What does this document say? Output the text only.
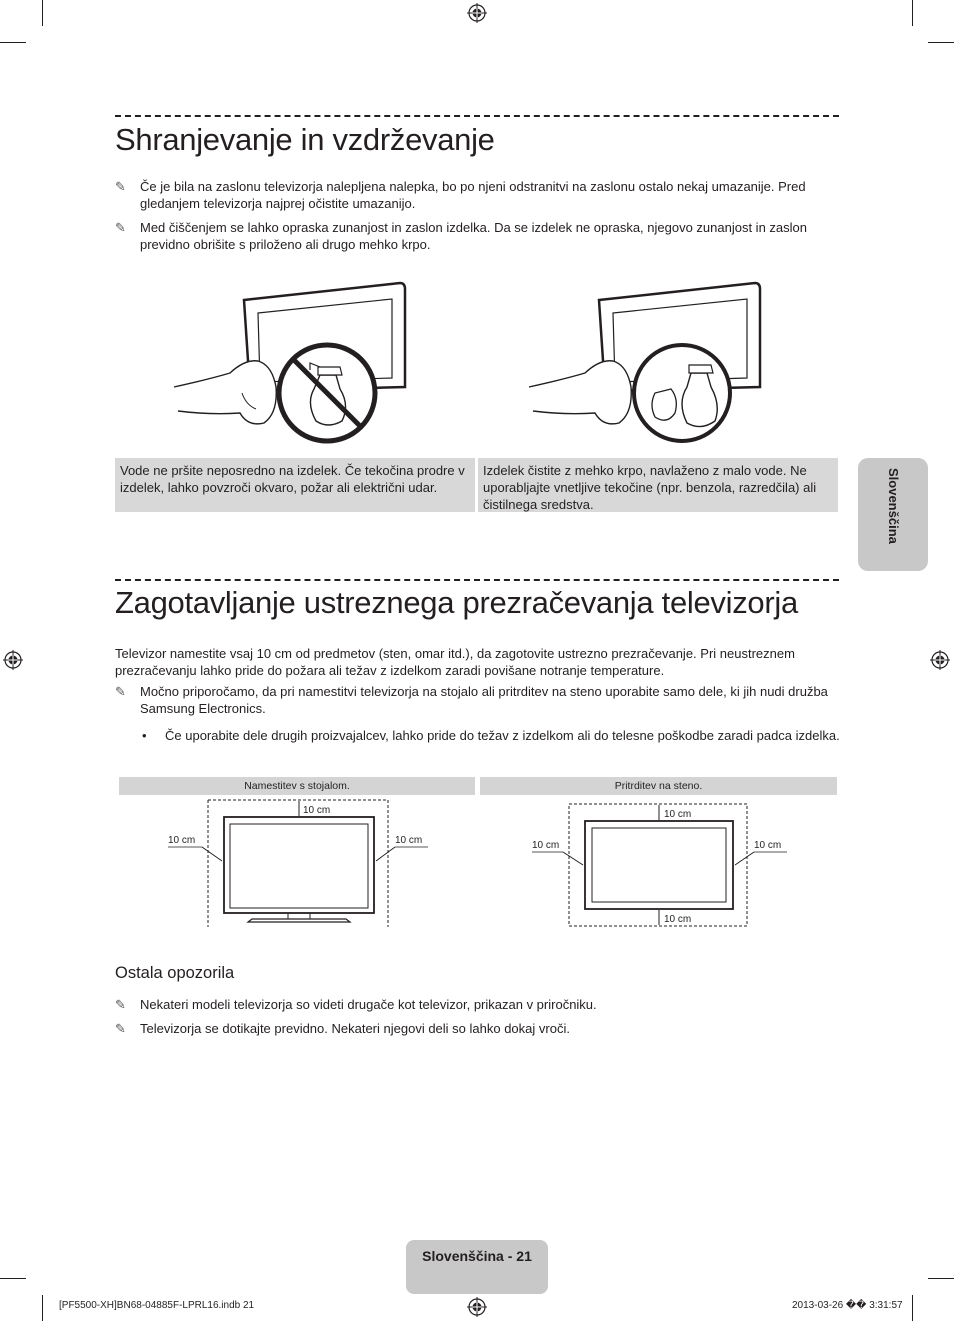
Shranjevanje in vzdrževanje
✎	Če je bila na zaslonu televizorja nalepljena nalepka, bo po njeni odstranitvi na zaslonu ostalo nekaj umazanije. Pred gledanjem televizorja najprej očistite umazanijo.
✎	Med čiščenjem se lahko opraska zunanjost in zaslon izdelka. Da se izdelek ne opraska, njegovo zunanjost in zaslon previdno obrišite s priloženo ali drugo mehko krpo.
Vode ne pršite neposredno na izdelek. Če tekočina prodre v izdelek, lahko povzroči okvaro, požar ali električni udar.
Izdelek čistite z mehko krpo, navlaženo z malo vode. Ne uporabljajte vnetljive tekočine (npr. benzola, razredčila) ali čistilnega sredstva.	Slovenščina
Zagotavljanje ustreznega prezračevanja televizorja
Televizor namestite vsaj 10 cm od predmetov (sten, omar itd.), da zagotovite ustrezno prezračevanje. Pri neustreznem prezračevanju lahko pride do požara ali težav z izdelkom zaradi povišane notranje temperature.
✎	Močno priporočamo, da pri namestitvi televizorja na stojalo ali pritrditev na steno uporabite samo dele, ki jih nudi družba Samsung Electronics.
•	Če uporabite dele drugih proizvajalcev, lahko pride do težav z izdelkom ali do telesne poškodbe zaradi padca izdelka.
Namestitev s stojalom.	Pritrditev na steno.
10 cm
10 cm	10 cm
10 cm
10 cm
10 cm	10 cm
Ostala opozorila
✎	Nekateri modeli televizorja so videti drugače kot televizor, prikazan v priročniku.
✎	Televizorja se dotikajte previdno. Nekateri njegovi deli so lahko dokaj vroči.
Slovenščina - 21
[PF5500-XH]BN68-04885F-LPRL16.indb 21	2013-03-26 �� 3:31:57
